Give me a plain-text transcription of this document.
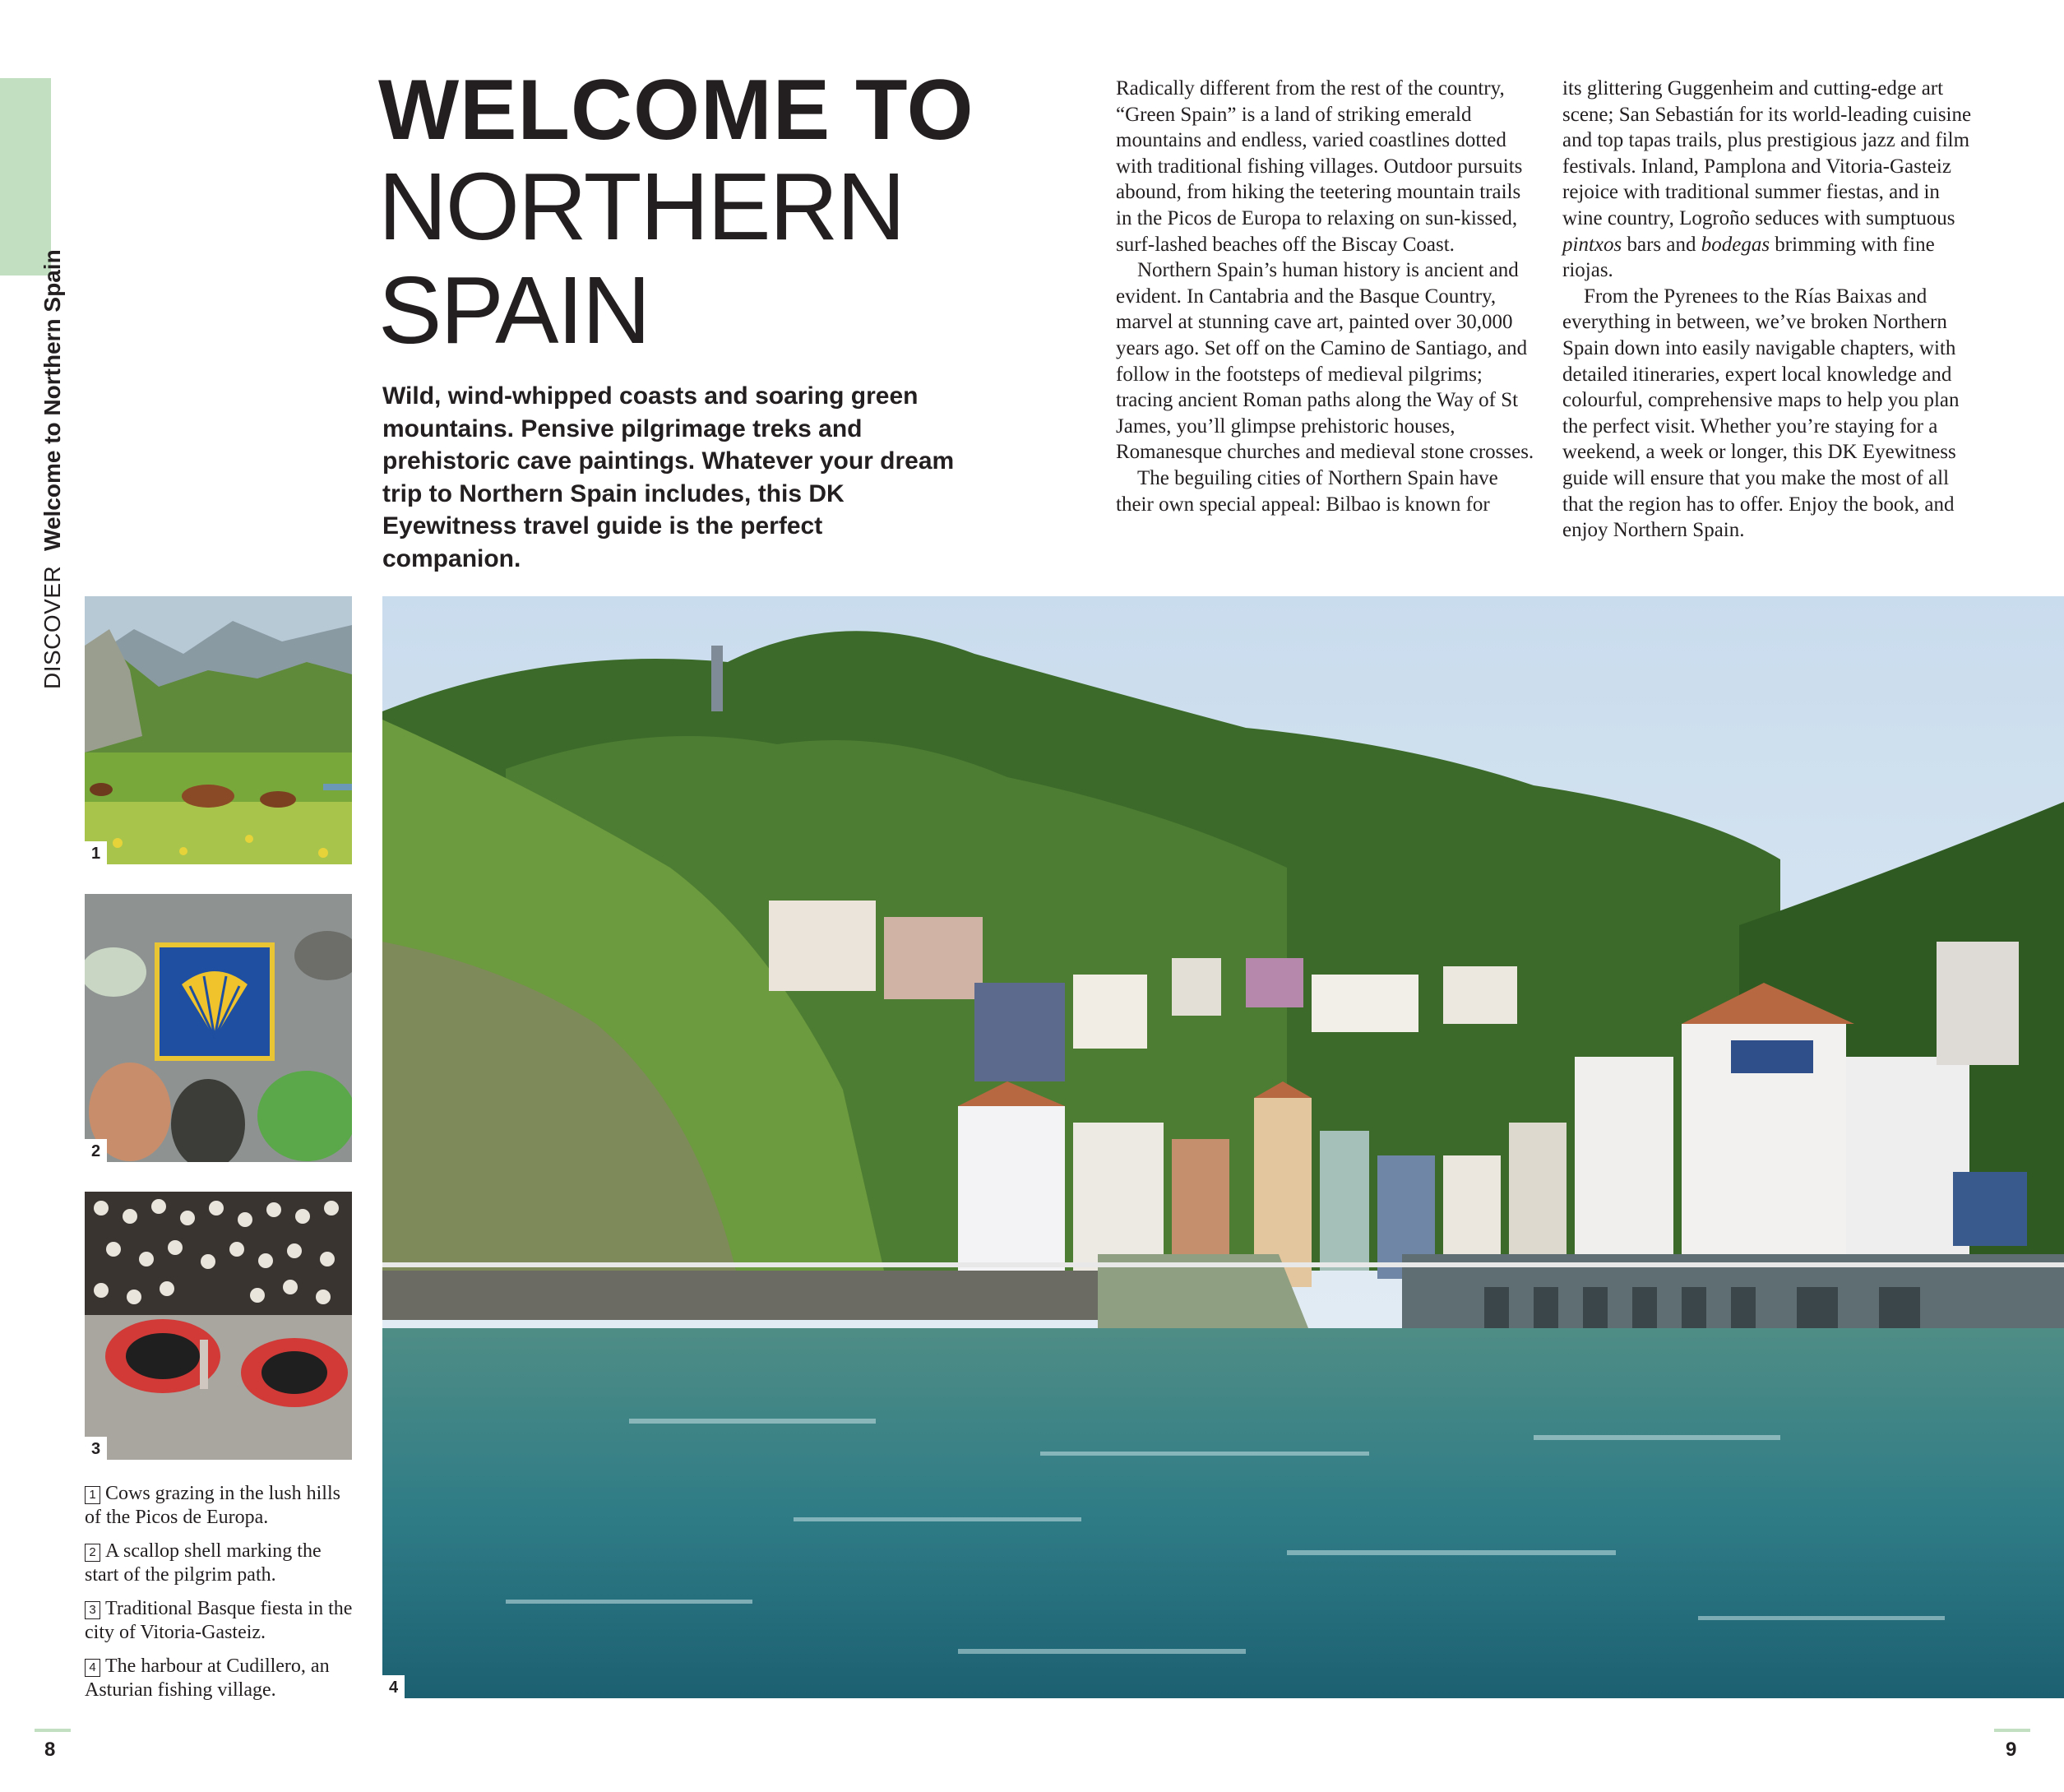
DISCOVER Welcome to Northern Spain
WELCOME TO
NORTHERN
SPAIN
Wild, wind-whipped coasts and soaring green mountains. Pensive pilgrimage treks and prehistoric cave paintings. Whatever your dream trip to Northern Spain includes, this DK Eyewitness travel guide is the perfect companion.

Radically different from the rest of the country, “Green Spain” is a land of striking emerald mountains and endless, varied coastlines dotted with traditional fishing villages. Outdoor pursuits abound, from hiking the teetering mountain trails in the Picos de Europa to relaxing on sun-kissed, surf-lashed beaches off the Biscay Coast.

Northern Spain’s human history is ancient and evident. In Cantabria and the Basque Country, marvel at stunning cave art, painted over 30,000 years ago. Set off on the Camino de Santiago, and follow in the footsteps of medieval pilgrims; tracing ancient Roman paths along the Way of St James, you’ll glimpse prehistoric houses, Romanesque churches and medieval stone crosses.

The beguiling cities of Northern Spain have their own special appeal: Bilbao is known for

its glittering Guggenheim and cutting-edge art scene; San Sebastián for its world-leading cuisine and top tapas trails, plus prestigious jazz and film festivals. Inland, Pamplona and Vitoria-Gasteiz rejoice with traditional summer fiestas, and in wine country, Logroño seduces with sumptuous pintxos bars and bodegas brimming with fine riojas.

From the Pyrenees to the Rías Baixas and everything in between, we’ve broken Northern Spain down into easily navigable chapters, with detailed itineraries, expert local knowledge and colourful, comprehensive maps to help you plan the perfect visit. Whether you’re staying for a weekend, a week or longer, this DK Eyewitness guide will ensure that you make the most of all that the region has to offer. Enjoy the book, and enjoy Northern Spain.

1
2
3
4
1 Cows grazing in the lush hills of the Picos de Europa.
2 A scallop shell marking the start of the pilgrim path.
3 Traditional Basque fiesta in the city of Vitoria-Gasteiz.
4 The harbour at Cudillero, an Asturian fishing village.
8	9
